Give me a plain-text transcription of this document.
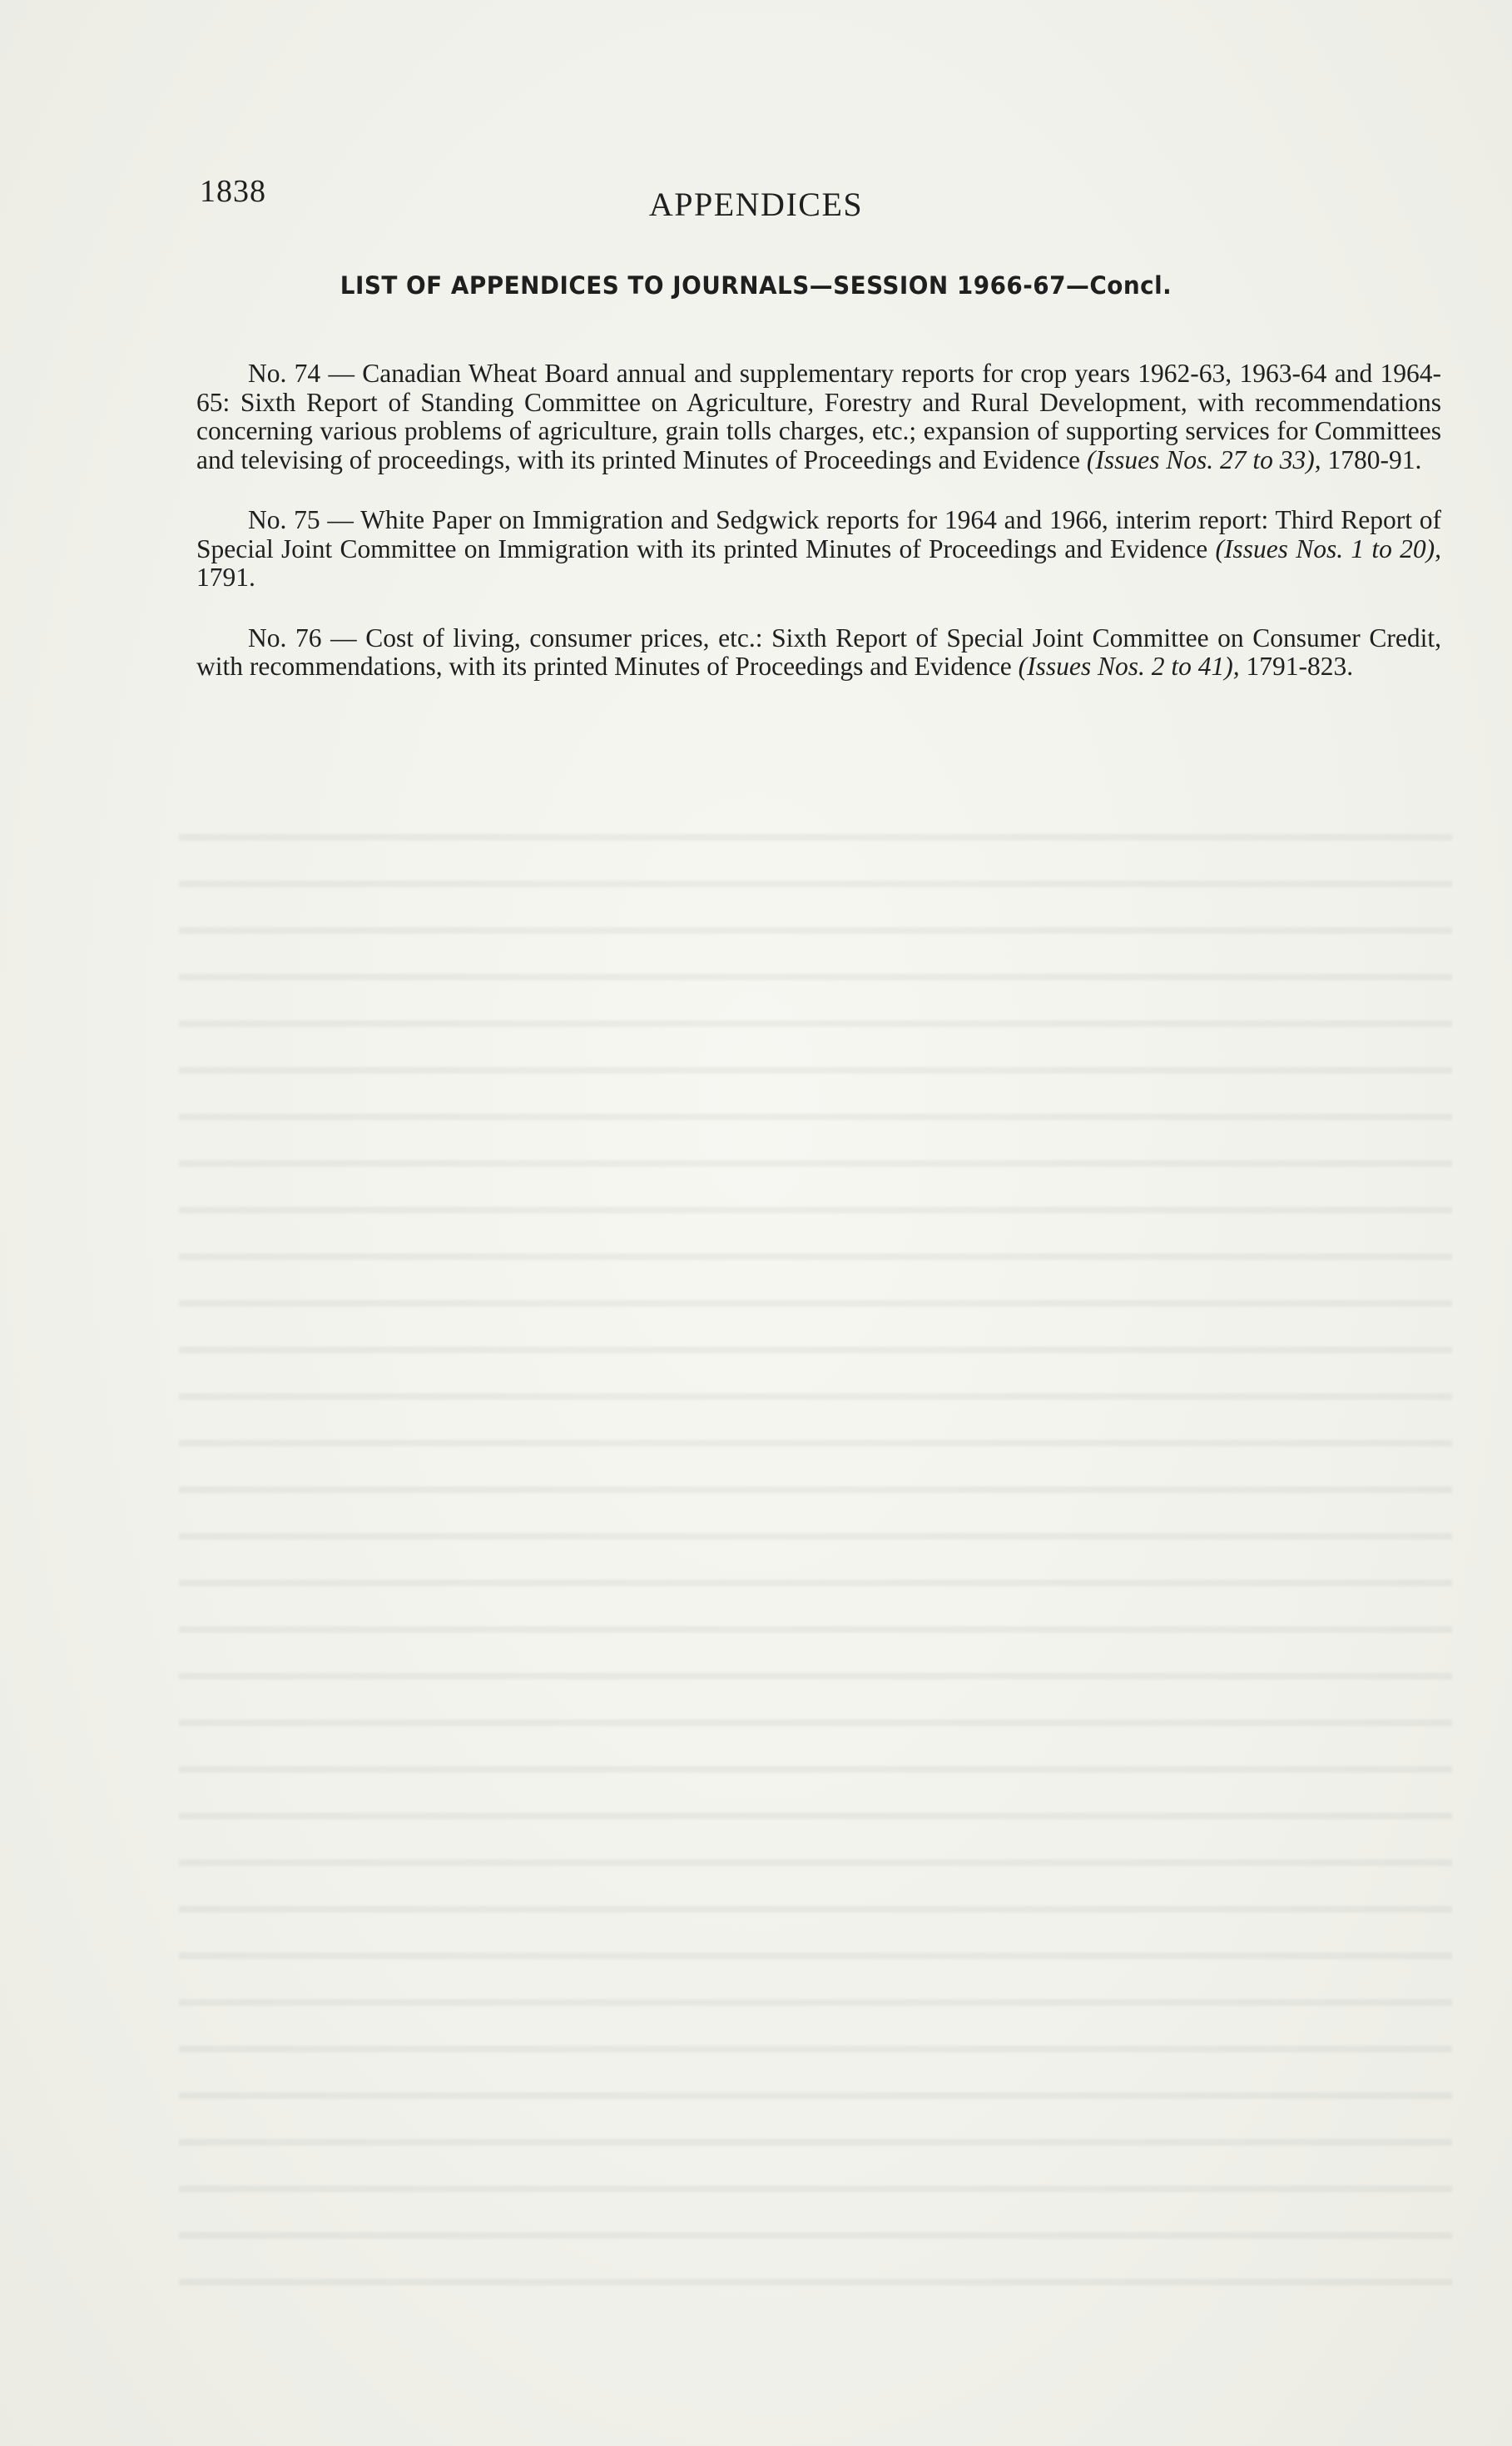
1838	APPENDICES
LIST OF APPENDICES TO JOURNALS—SESSION 1966-67—Concl.

No. 74 — Canadian Wheat Board annual and supplementary reports for crop years 1962-63, 1963-64 and 1964-65: Sixth Report of Standing Committee on Agriculture, Forestry and Rural Development, with recommendations concerning various problems of agriculture, grain tolls charges, etc.; expansion of supporting services for Committees and televising of proceedings, with its printed Minutes of Proceedings and Evidence (Issues Nos. 27 to 33), 1780-91.

No. 75 — White Paper on Immigration and Sedgwick reports for 1964 and 1966, interim report: Third Report of Special Joint Committee on Immigration with its printed Minutes of Proceedings and Evidence (Issues Nos. 1 to 20), 1791.

No. 76 — Cost of living, consumer prices, etc.: Sixth Report of Special Joint Committee on Consumer Credit, with recommendations, with its printed Minutes of Proceedings and Evidence (Issues Nos. 2 to 41), 1791-823.
